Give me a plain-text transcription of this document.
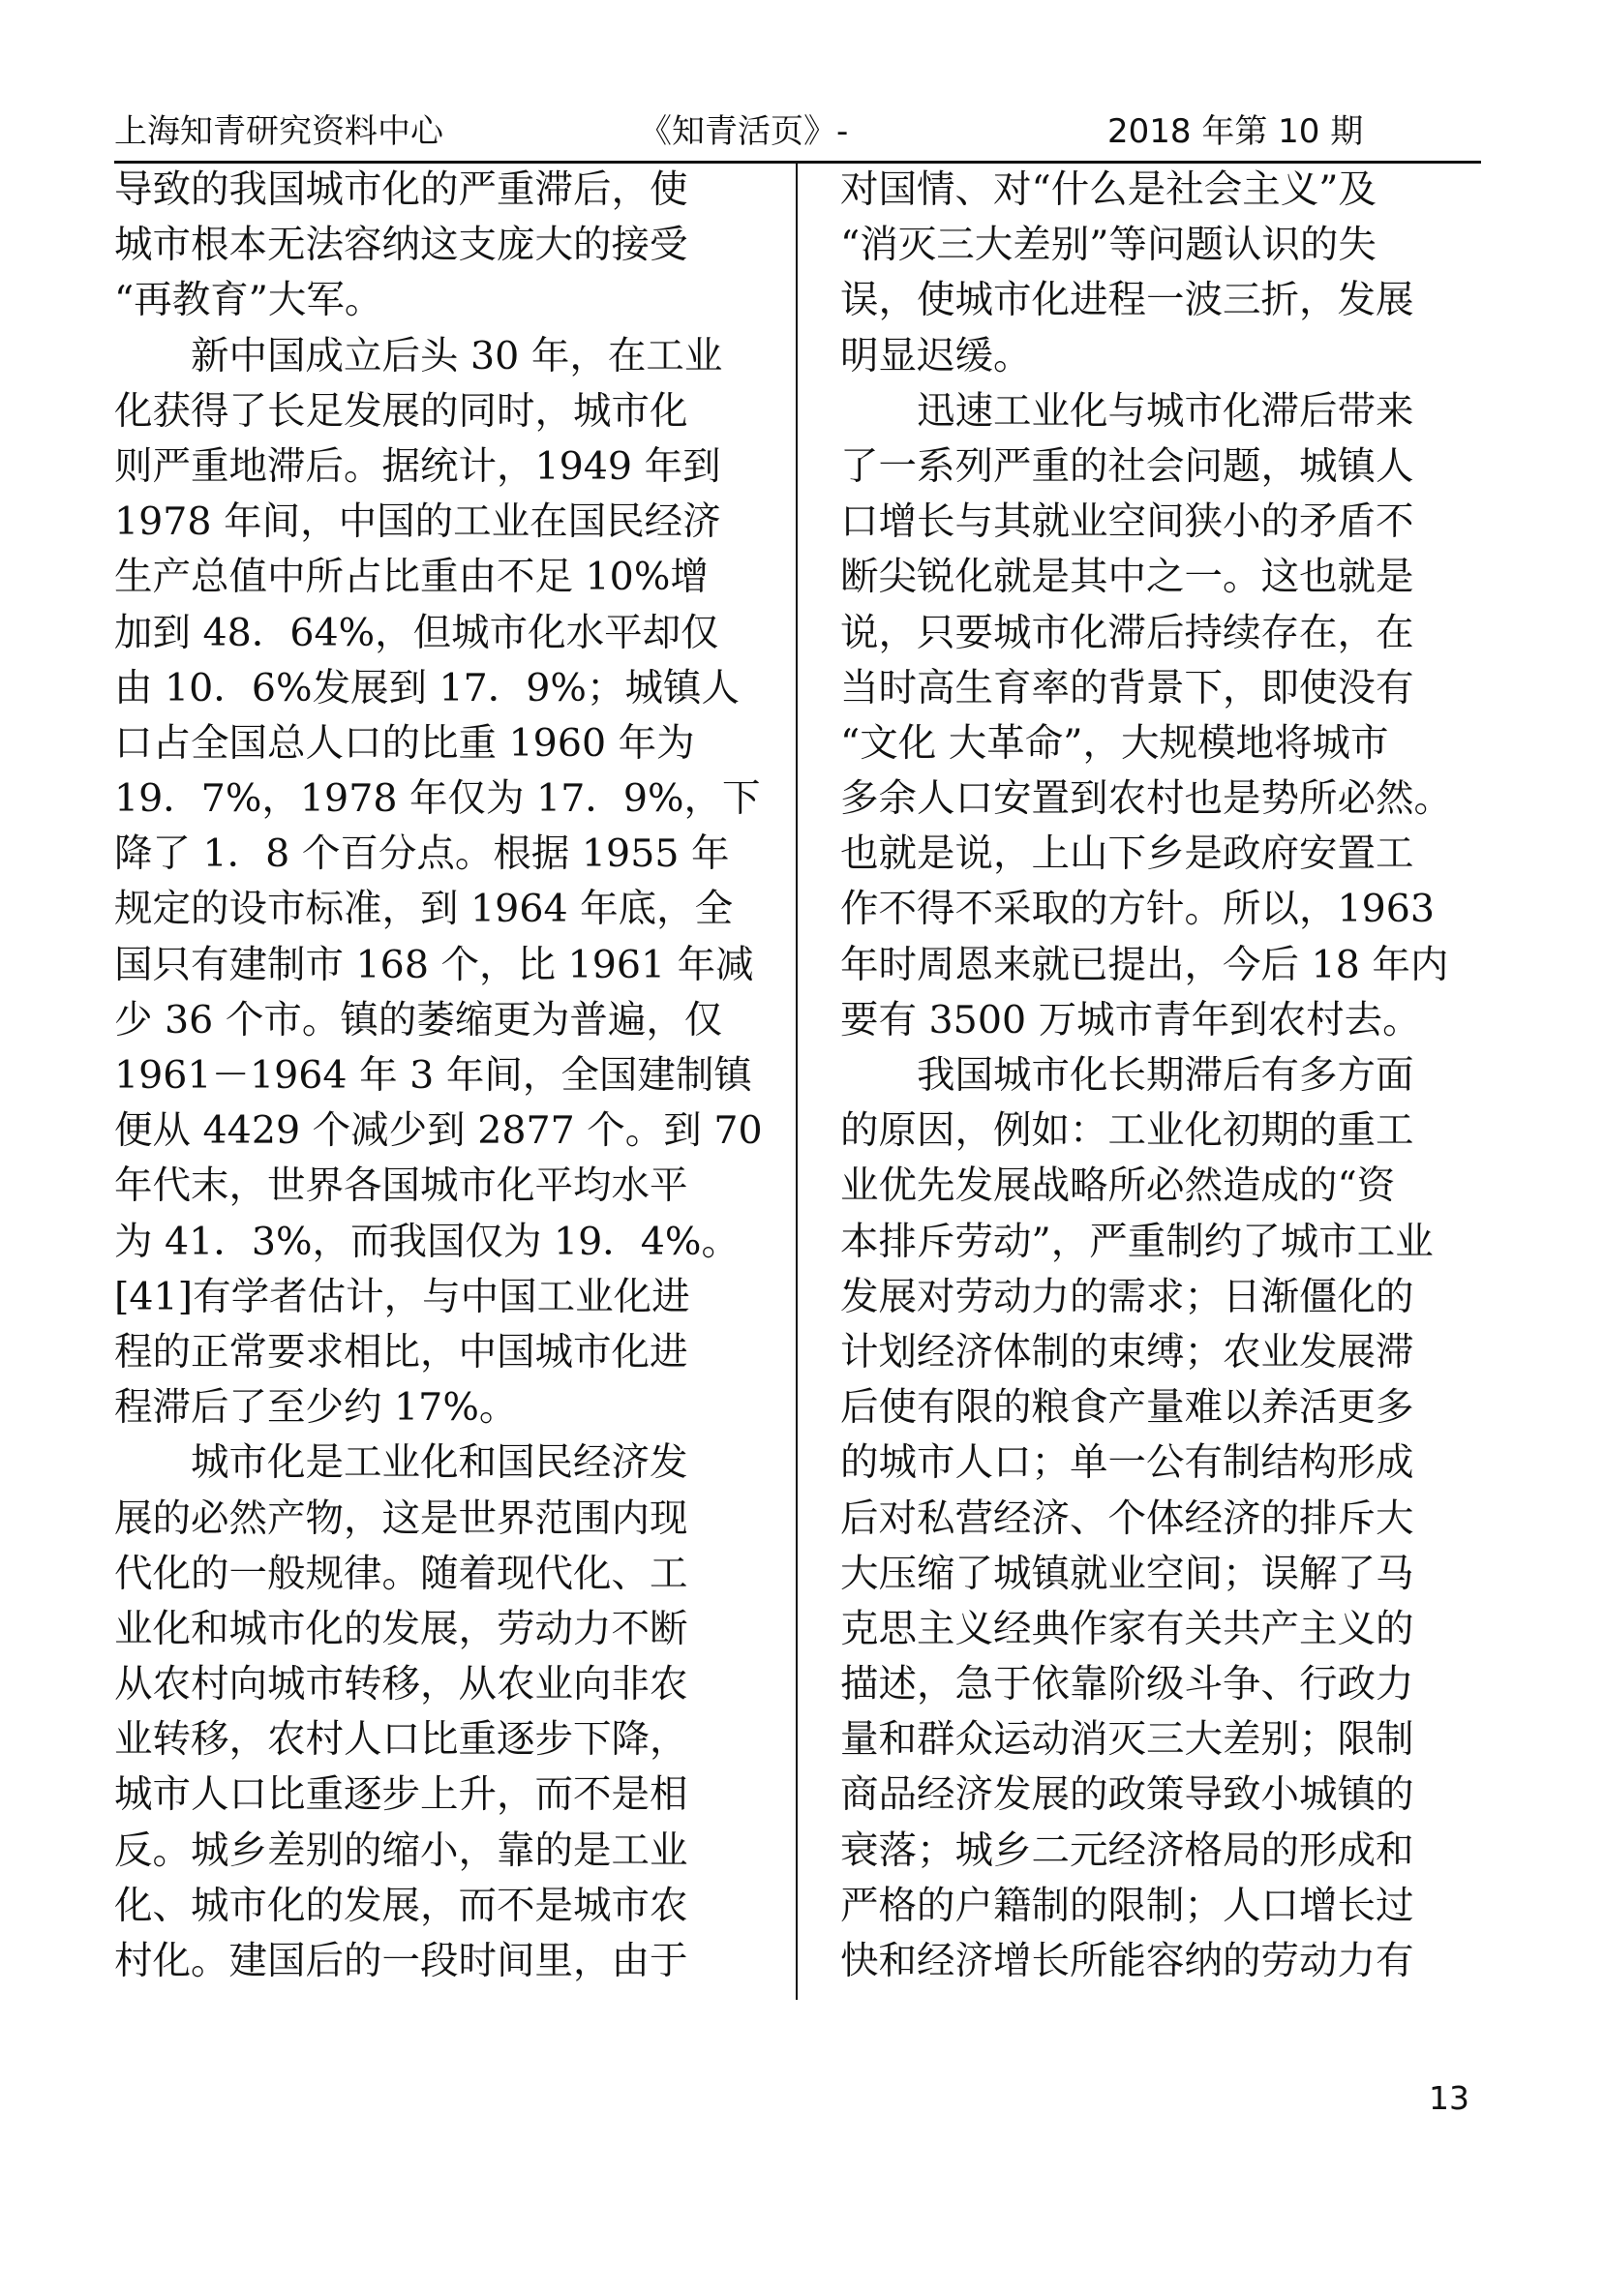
上海知青研究资料中心	《知青活页》-	2018 年第 10 期
导致的我国城市化的严重滞后，使
城市根本无法容纳这支庞大的接受
“再教育”大军。
新中国成立后头 30 年，在工业
化获得了长足发展的同时，城市化
则严重地滞后。据统计，1949 年到
1978 年间，中国的工业在国民经济
生产总值中所占比重由不足 10%增
加到 48．64%，但城市化水平却仅
由 10．6%发展到 17．9%；城镇人
口占全国总人口的比重 1960 年为
19．7%，1978 年仅为 17．9%，下
降了 1．8 个百分点。根据 1955 年
规定的设市标准，到 1964 年底，全
国只有建制市 168 个，比 1961 年减
少 36 个市。镇的萎缩更为普遍，仅
1961－1964 年 3 年间，全国建制镇
便从 4429 个减少到 2877 个。到 70
年代末，世界各国城市化平均水平
为 41．3%，而我国仅为 19．4%。
[41]有学者估计，与中国工业化进
程的正常要求相比，中国城市化进
程滞后了至少约 17%。
城市化是工业化和国民经济发
展的必然产物，这是世界范围内现
代化的一般规律。随着现代化、工
业化和城市化的发展，劳动力不断
从农村向城市转移，从农业向非农
业转移，农村人口比重逐步下降，
城市人口比重逐步上升，而不是相
反。城乡差别的缩小，靠的是工业
化、城市化的发展，而不是城市农
村化。建国后的一段时间里，由于
对国情、对“什么是社会主义”及
“消灭三大差别”等问题认识的失
误，使城市化进程一波三折，发展
明显迟缓。
迅速工业化与城市化滞后带来
了一系列严重的社会问题，城镇人
口增长与其就业空间狭小的矛盾不
断尖锐化就是其中之一。这也就是
说，只要城市化滞后持续存在，在
当时高生育率的背景下，即使没有
“文化 大革命”，大规模地将城市
多余人口安置到农村也是势所必然。
也就是说，上山下乡是政府安置工
作不得不采取的方针。所以，1963
年时周恩来就已提出，今后 18 年内
要有 3500 万城市青年到农村去。
我国城市化长期滞后有多方面
的原因，例如：工业化初期的重工
业优先发展战略所必然造成的“资
本排斥劳动”，严重制约了城市工业
发展对劳动力的需求；日渐僵化的
计划经济体制的束缚；农业发展滞
后使有限的粮食产量难以养活更多
的城市人口；单一公有制结构形成
后对私营经济、个体经济的排斥大
大压缩了城镇就业空间；误解了马
克思主义经典作家有关共产主义的
描述，急于依靠阶级斗争、行政力
量和群众运动消灭三大差别；限制
商品经济发展的政策导致小城镇的
衰落；城乡二元经济格局的形成和
严格的户籍制的限制；人口增长过
快和经济增长所能容纳的劳动力有
13
